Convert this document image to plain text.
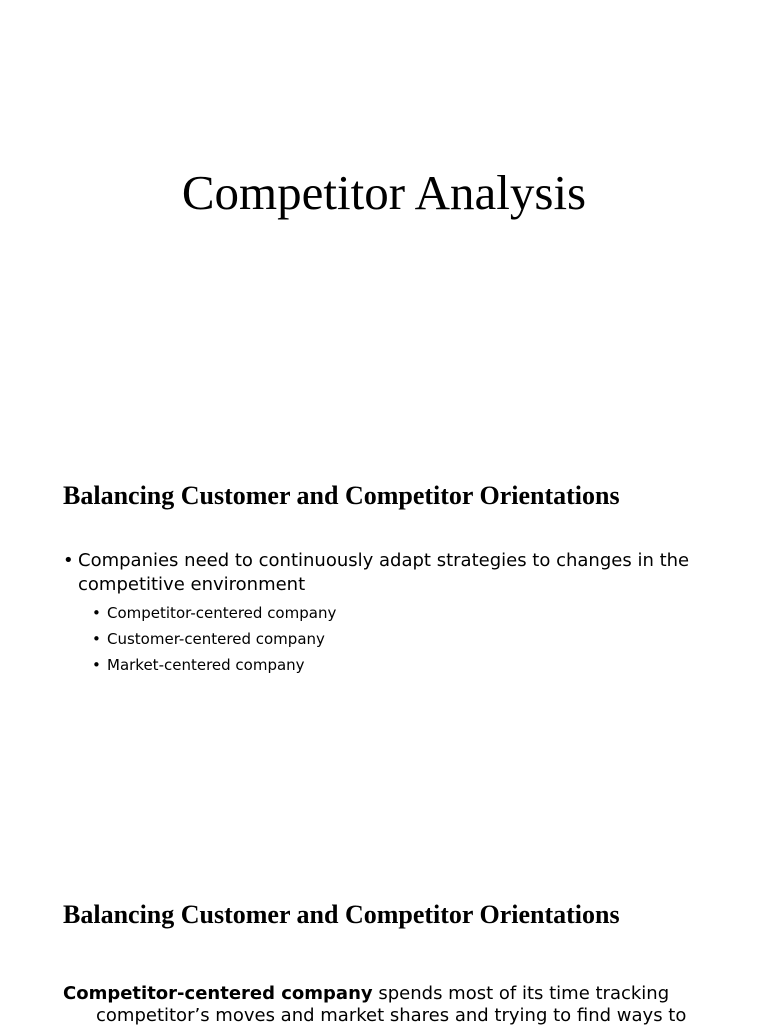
Competitor Analysis
Balancing Customer and Competitor Orientations
• Companies need to continuously adapt strategies to changes in the competitive environment
• Competitor-centered company
• Customer-centered company
• Market-centered company
Balancing Customer and Competitor Orientations

Competitor-centered company spends most of its time tracking competitor’s moves and market shares and trying to find ways to
